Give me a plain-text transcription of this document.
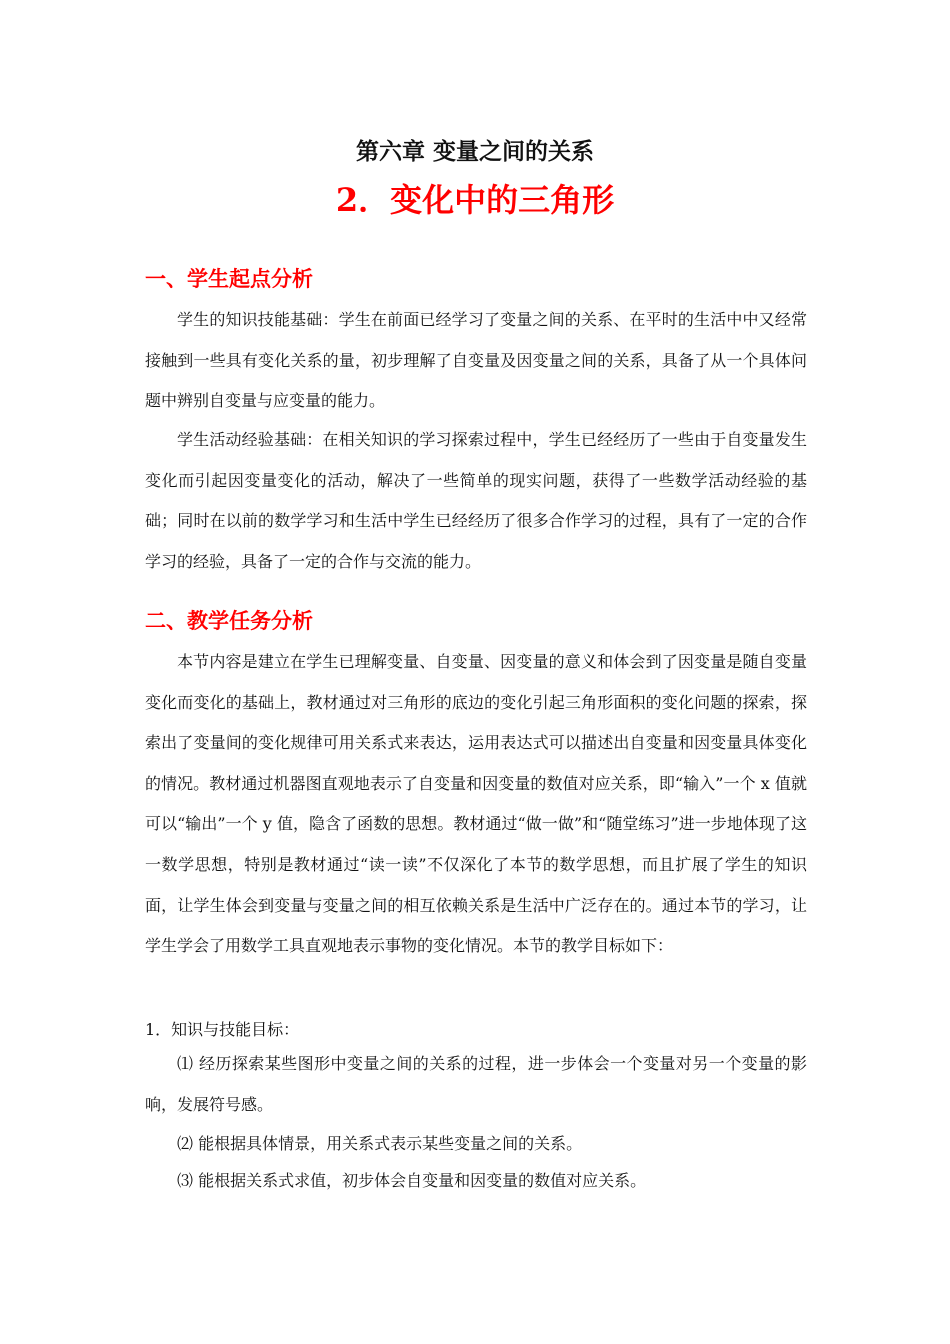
第六章 变量之间的关系
2．变化中的三角形
一、学生起点分析

学生的知识技能基础：学生在前面已经学习了变量之间的关系、在平时的生活中中又经常接触到一些具有变化关系的量，初步理解了自变量及因变量之间的关系，具备了从一个具体问题中辨别自变量与应变量的能力。

学生活动经验基础：在相关知识的学习探索过程中，学生已经经历了一些由于自变量发生变化而引起因变量变化的活动，解决了一些简单的现实问题，获得了一些数学活动经验的基础；同时在以前的数学学习和生活中学生已经经历了很多合作学习的过程，具有了一定的合作学习的经验，具备了一定的合作与交流的能力。

二、教学任务分析

本节内容是建立在学生已理解变量、自变量、因变量的意义和体会到了因变量是随自变量变化而变化的基础上，教材通过对三角形的底边的变化引起三角形面积的变化问题的探索，探索出了变量间的变化规律可用关系式来表达，运用表达式可以描述出自变量和因变量具体变化的情况。教材通过机器图直观地表示了自变量和因变量的数值对应关系，即“输入”一个 x 值就可以“输出”一个 y 值，隐含了函数的思想。教材通过“做一做”和“随堂练习”进一步地体现了这一数学思想，特别是教材通过“读一读”不仅深化了本节的数学思想，而且扩展了学生的知识面，让学生体会到变量与变量之间的相互依赖关系是生活中广泛存在的。通过本节的学习，让学生学会了用数学工具直观地表示事物的变化情况。本节的教学目标如下：

1．知识与技能目标：

⑴ 经历探索某些图形中变量之间的关系的过程，进一步体会一个变量对另一个变量的影响，发展符号感。

⑵ 能根据具体情景，用关系式表示某些变量之间的关系。

⑶ 能根据关系式求值，初步体会自变量和因变量的数值对应关系。
